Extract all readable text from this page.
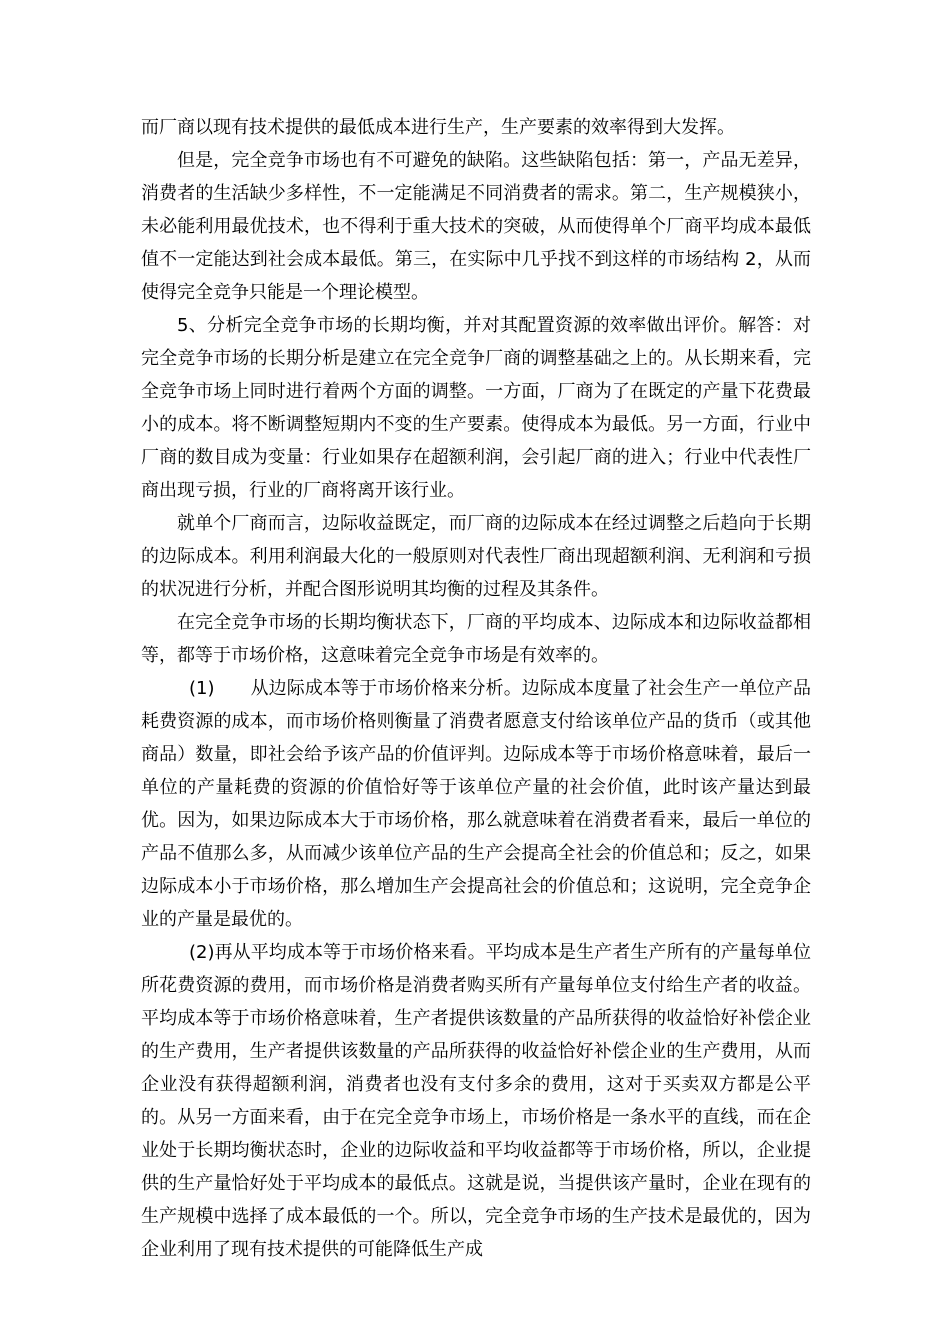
而厂商以现有技术提供的最低成本进行生产，生产要素的效率得到大发挥。

但是，完全竞争市场也有不可避免的缺陷。这些缺陷包括：第一，产品无差异，消费者的生活缺少多样性，不一定能满足不同消费者的需求。第二，生产规模狭小，未必能利用最优技术，也不得利于重大技术的突破，从而使得单个厂商平均成本最低值不一定能达到社会成本最低。第三，在实际中几乎找不到这样的市场结构 2，从而使得完全竞争只能是一个理论模型。

5、分析完全竞争市场的长期均衡，并对其配置资源的效率做出评价。解答：对完全竞争市场的长期分析是建立在完全竞争厂商的调整基础之上的。从长期来看，完全竞争市场上同时进行着两个方面的调整。一方面，厂商为了在既定的产量下花费最小的成本。将不断调整短期内不变的生产要素。使得成本为最低。另一方面，行业中厂商的数目成为变量：行业如果存在超额利润，会引起厂商的进入；行业中代表性厂商出现亏损，行业的厂商将离开该行业。

就单个厂商而言，边际收益既定，而厂商的边际成本在经过调整之后趋向于长期的边际成本。利用利润最大化的一般原则对代表性厂商出现超额利润、无利润和亏损的状况进行分析，并配合图形说明其均衡的过程及其条件。

在完全竞争市场的长期均衡状态下，厂商的平均成本、边际成本和边际收益都相等，都等于市场价格，这意味着完全竞争市场是有效率的。

(1) 从边际成本等于市场价格来分析。边际成本度量了社会生产一单位产品耗费资源的成本，而市场价格则衡量了消费者愿意支付给该单位产品的货币（或其他商品）数量，即社会给予该产品的价值评判。边际成本等于市场价格意味着，最后一单位的产量耗费的资源的价值恰好等于该单位产量的社会价值，此时该产量达到最优。因为，如果边际成本大于市场价格，那么就意味着在消费者看来，最后一单位的产品不值那么多，从而减少该单位产品的生产会提高全社会的价值总和；反之，如果边际成本小于市场价格，那么增加生产会提高社会的价值总和；这说明，完全竞争企业的产量是最优的。

(2)再从平均成本等于市场价格来看。平均成本是生产者生产所有的产量每单位所花费资源的费用，而市场价格是消费者购买所有产量每单位支付给生产者的收益。平均成本等于市场价格意味着，生产者提供该数量的产品所获得的收益恰好补偿企业的生产费用，生产者提供该数量的产品所获得的收益恰好补偿企业的生产费用，从而企业没有获得超额利润，消费者也没有支付多余的费用，这对于买卖双方都是公平的。从另一方面来看，由于在完全竞争市场上，市场价格是一条水平的直线，而在企业处于长期均衡状态时，企业的边际收益和平均收益都等于市场价格，所以，企业提供的生产量恰好处于平均成本的最低点。这就是说，当提供该产量时，企业在现有的生产规模中选择了成本最低的一个。所以，完全竞争市场的生产技术是最优的，因为企业利用了现有技术提供的可能降低生产成
